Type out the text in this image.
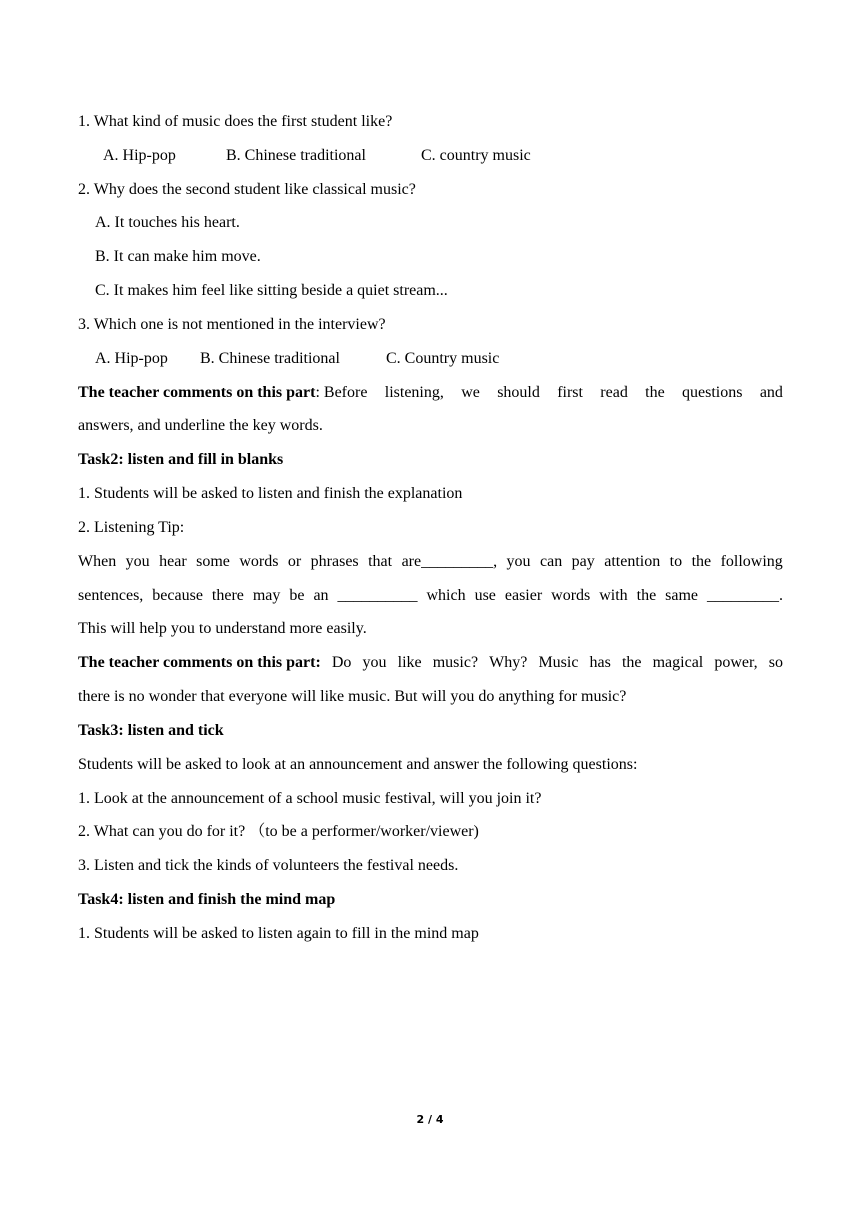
1. What kind of music does the first student like?
A. Hip-pop	B. Chinese traditional	C. country music
2. Why does the second student like classical music?
A. It touches his heart.
B. It can make him move.
C. It makes him feel like sitting beside a quiet stream...
3. Which one is not mentioned in the interview?
A. Hip-pop B. Chinese traditional	C. Country music
The teacher comments on this part: Before listening, we should first read the questions and
answers, and underline the key words.
Task2: listen and fill in blanks
1. Students will be asked to listen and finish the explanation
2. Listening Tip:
When you hear some words or phrases that are_________, you can pay attention to the following
sentences, because there may be an __________ which use easier words with the same _________.
This will help you to understand more easily.
The teacher comments on this part: Do you like music? Why? Music has the magical power, so
there is no wonder that everyone will like music. But will you do anything for music?
Task3: listen and tick
Students will be asked to look at an announcement and answer the following questions:
1. Look at the announcement of a school music festival, will you join it?
2. What can you do for it? （to be a performer/worker/viewer)
3. Listen and tick the kinds of volunteers the festival needs.
Task4: listen and finish the mind map
1. Students will be asked to listen again to fill in the mind map
2 / 4
